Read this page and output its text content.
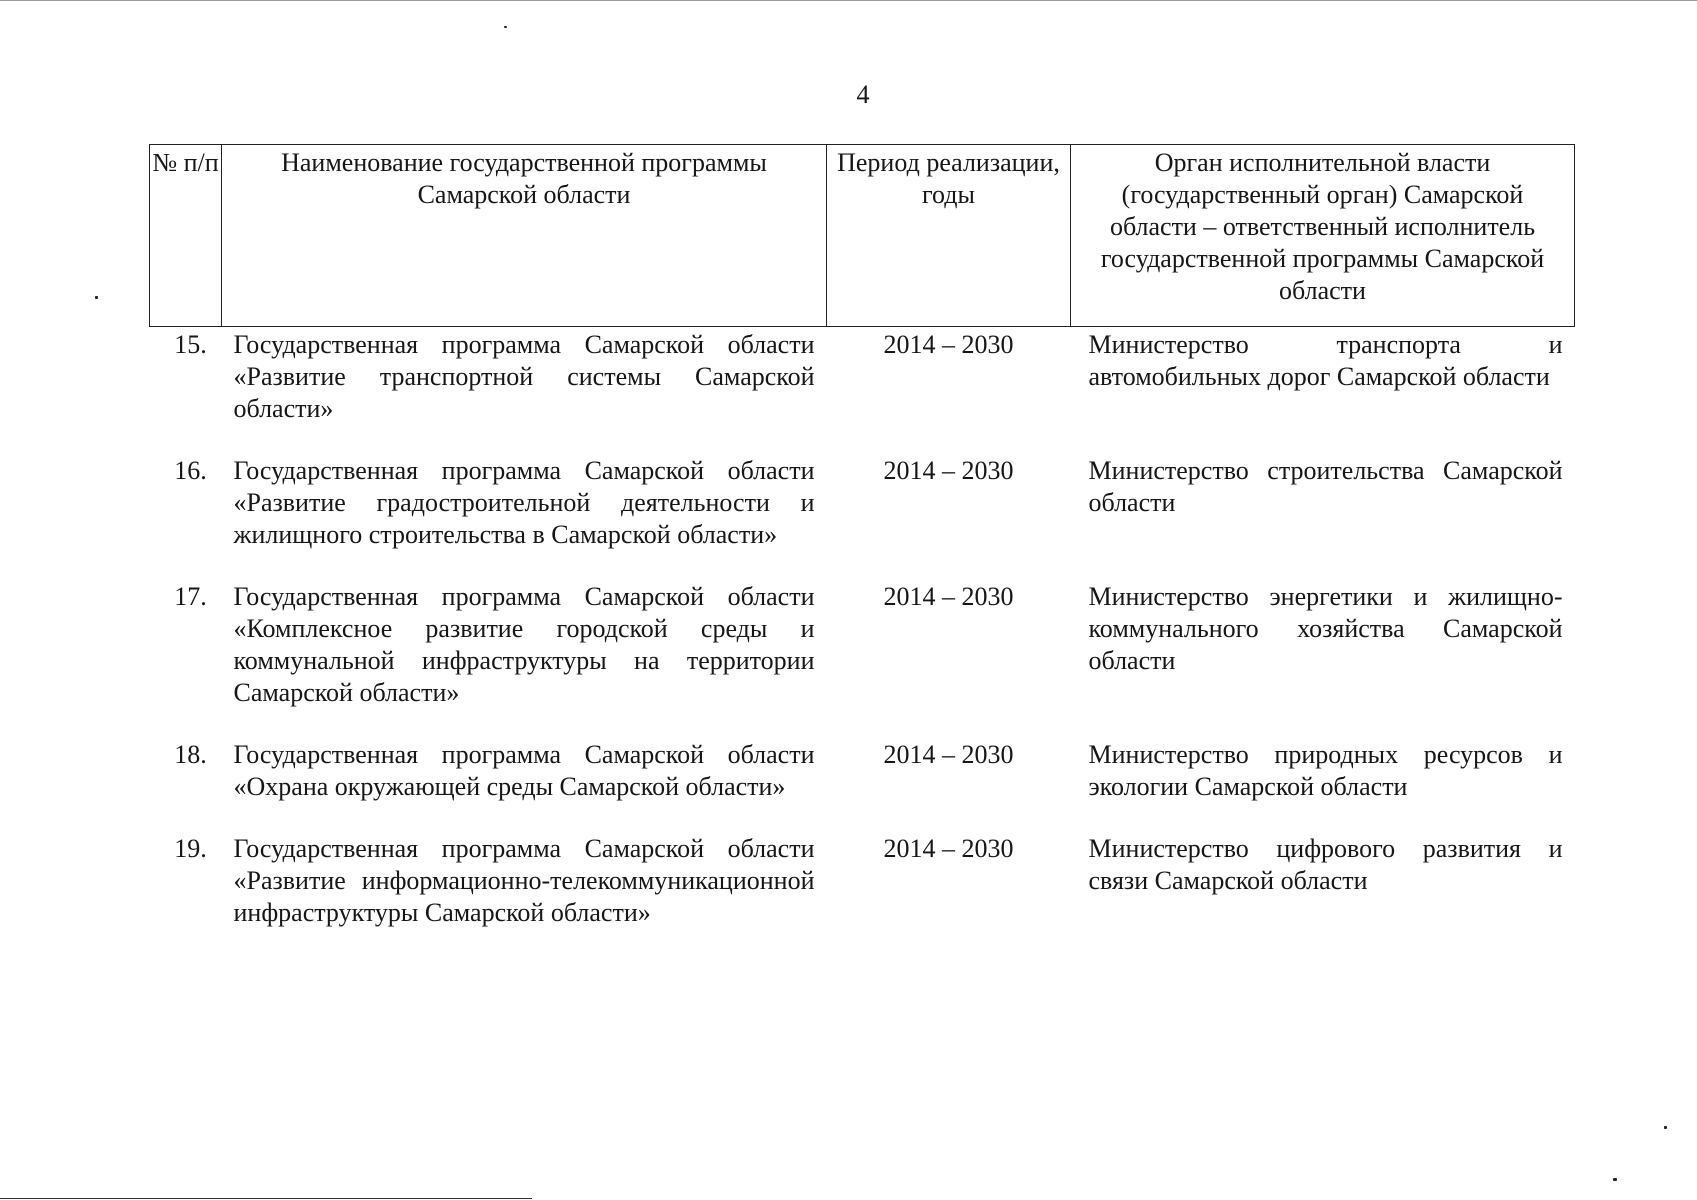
4
№ п/п	Наименование государственной программы Самарской области	Период реализации, годы	Орган исполнительной власти (государственный орган) Самарской области – ответственный исполнитель государственной программы Самарской области
15.	Государственная программа Самарской области «Развитие транспортной системы Самарской области»	2014 – 2030	Министерство транспорта и автомобильных дорог Самарской области
16.	Государственная программа Самарской области «Развитие градостроительной деятельности и жилищного строительства в Самарской области»	2014 – 2030	Министерство строительства Самарской области
17.	Государственная программа Самарской области «Комплексное развитие городской среды и коммунальной инфраструктуры на территории Самарской области»	2014 – 2030	Министерство энергетики и жилищно-коммунального хозяйства Самарской области
18.	Государственная программа Самарской области «Охрана окружающей среды Самарской области»	2014 – 2030	Министерство природных ресурсов и экологии Самарской области
19.	Государственная программа Самарской области «Развитие информационно-телекоммуникационной инфраструктуры Самарской области»	2014 – 2030	Министерство цифрового развития и связи Самарской области
